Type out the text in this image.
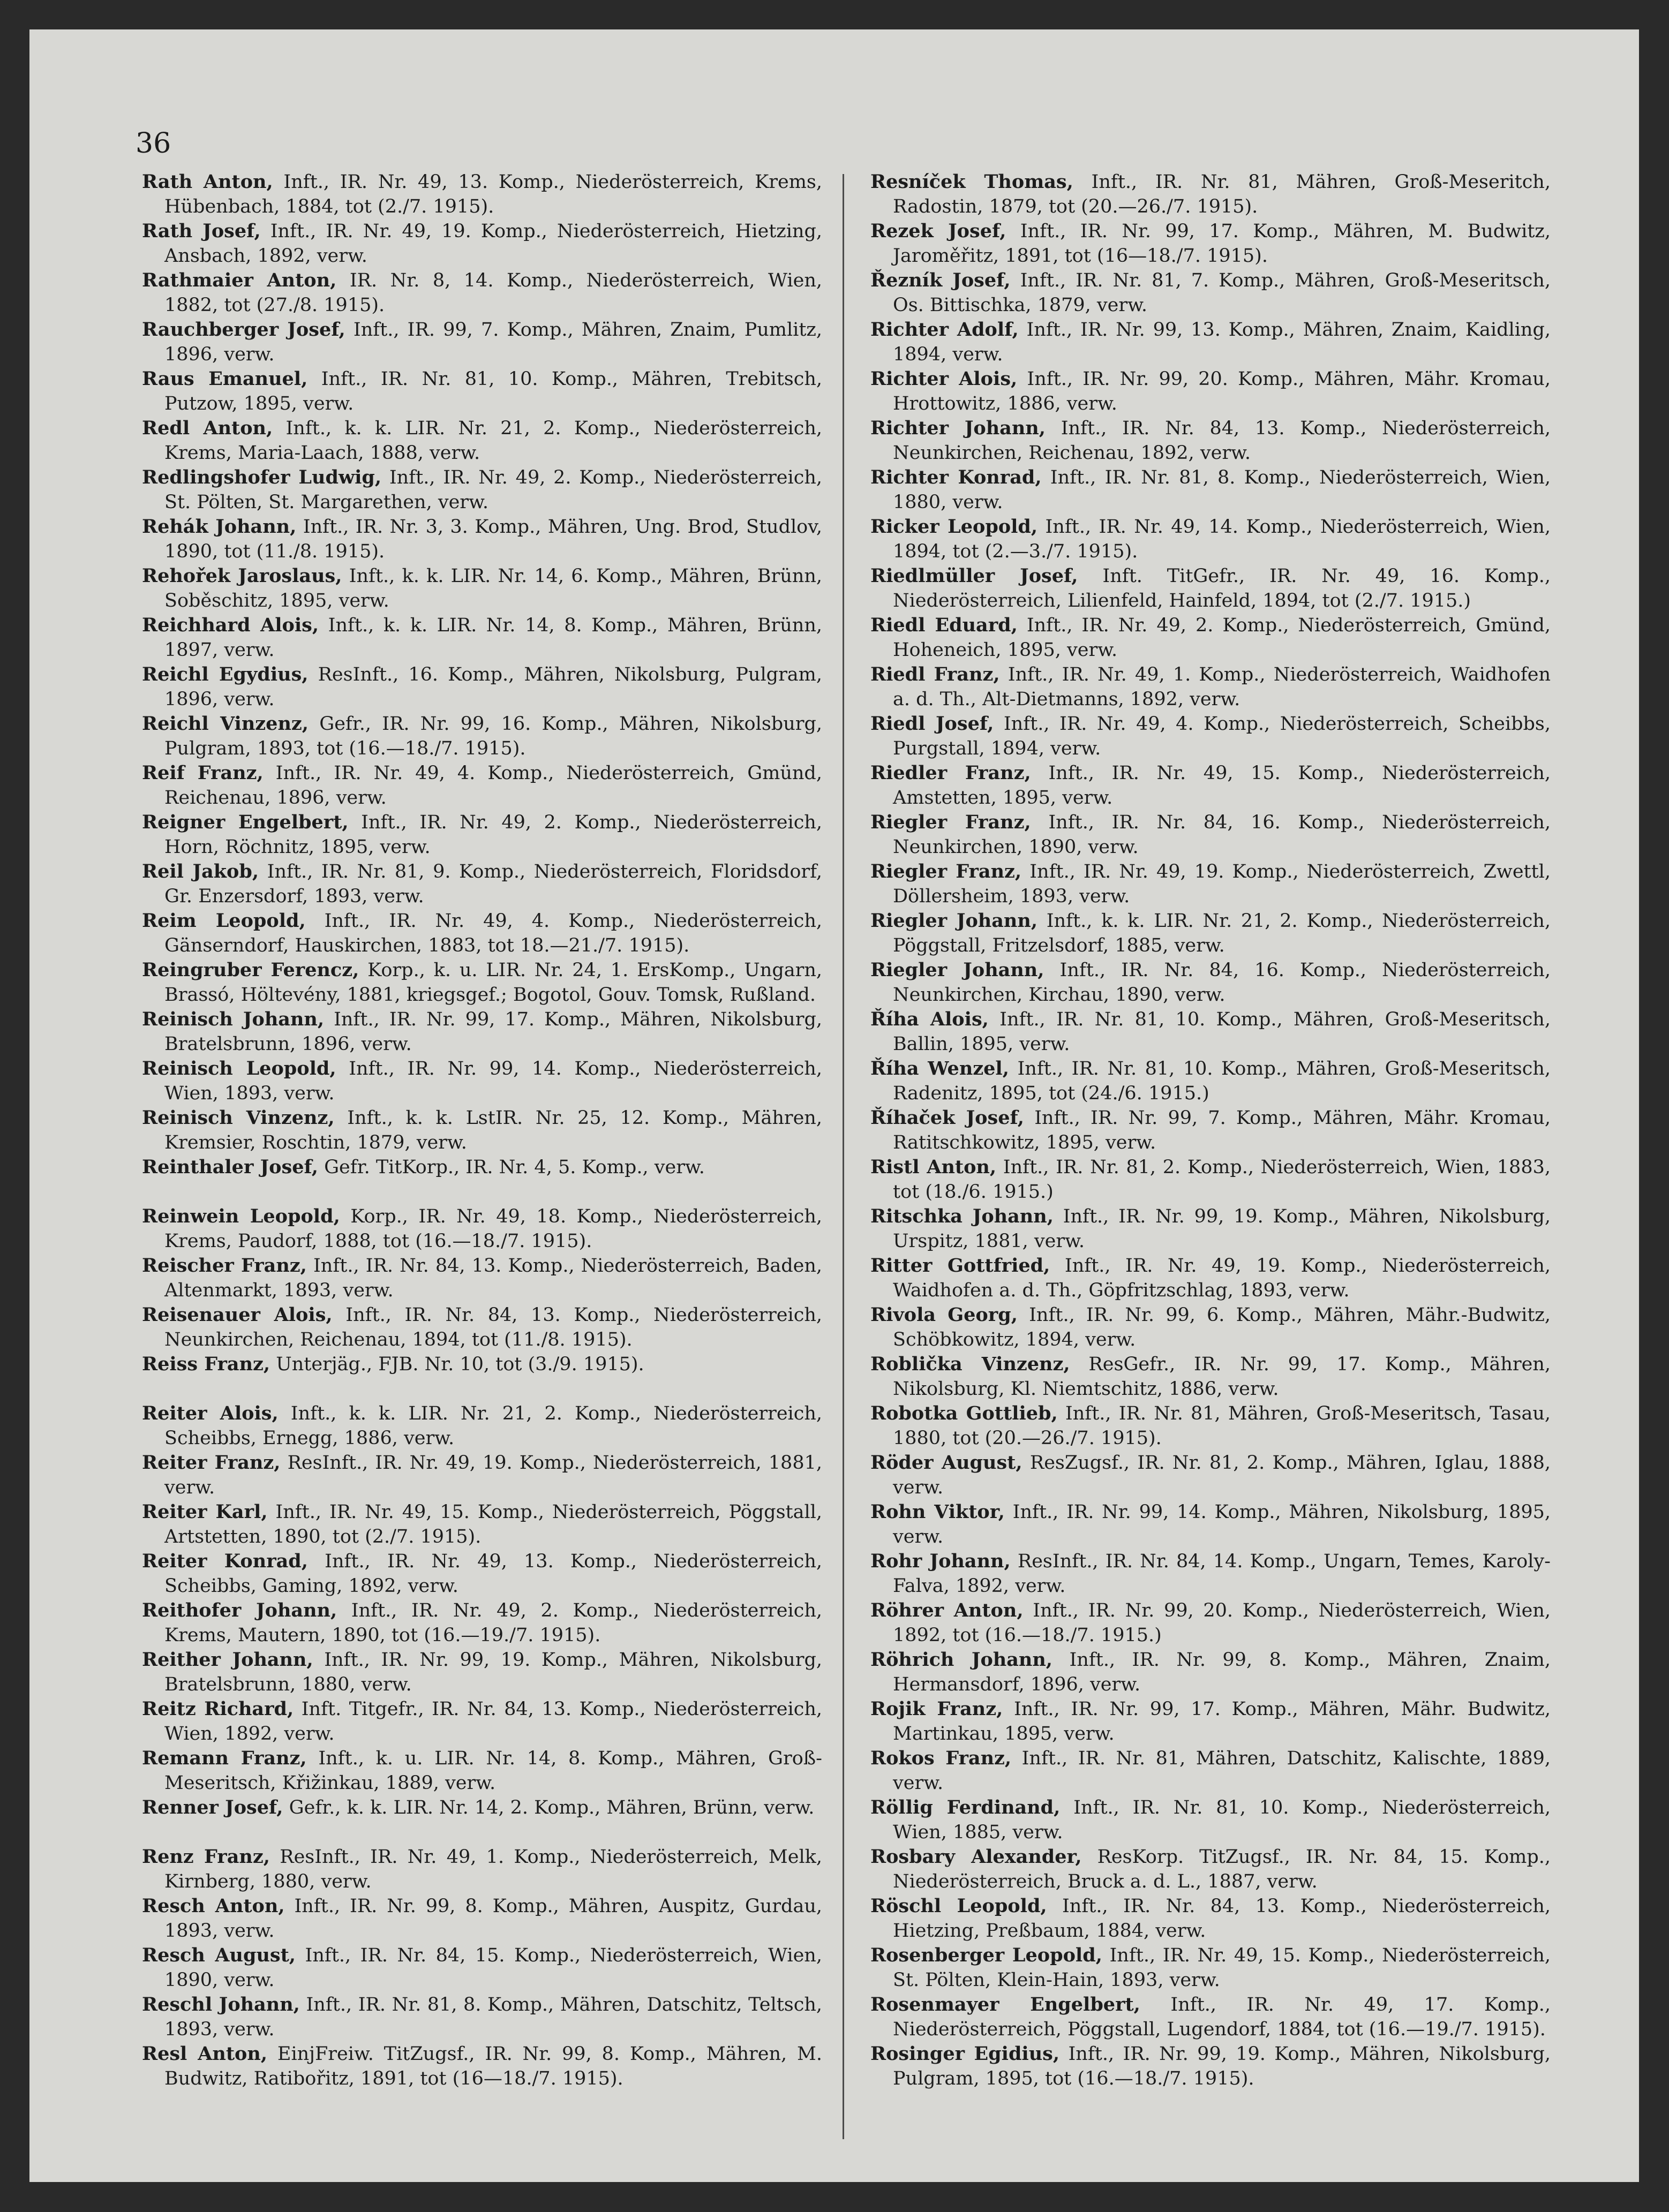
36

Rath Anton, Inft., IR. Nr. 49, 13. Komp., Niederösterreich, Krems, Hübenbach, 1884, tot (2./7. 1915).

Rath Josef, Inft., IR. Nr. 49, 19. Komp., Niederösterreich, Hietzing, Ansbach, 1892, verw.

Rathmaier Anton, IR. Nr. 8, 14. Komp., Niederösterreich, Wien, 1882, tot (27./8. 1915).

Rauchberger Josef, Inft., IR. 99, 7. Komp., Mähren, Znaim, Pumlitz, 1896, verw.

Raus Emanuel, Inft., IR. Nr. 81, 10. Komp., Mähren, Trebitsch, Putzow, 1895, verw.

Redl Anton, Inft., k. k. LIR. Nr. 21, 2. Komp., Niederösterreich, Krems, Maria-Laach, 1888, verw.

Redlingshofer Ludwig, Inft., IR. Nr. 49, 2. Komp., Niederösterreich, St. Pölten, St. Margarethen, verw.

Rehák Johann, Inft., IR. Nr. 3, 3. Komp., Mähren, Ung. Brod, Studlov, 1890, tot (11./8. 1915).

Rehořek Jaroslaus, Inft., k. k. LIR. Nr. 14, 6. Komp., Mähren, Brünn, Soběschitz, 1895, verw.

Reichhard Alois, Inft., k. k. LIR. Nr. 14, 8. Komp., Mähren, Brünn, 1897, verw.

Reichl Egydius, ResInft., 16. Komp., Mähren, Nikolsburg, Pulgram, 1896, verw.

Reichl Vinzenz, Gefr., IR. Nr. 99, 16. Komp., Mähren, Nikolsburg, Pulgram, 1893, tot (16.—18./7. 1915).

Reif Franz, Inft., IR. Nr. 49, 4. Komp., Niederösterreich, Gmünd, Reichenau, 1896, verw.

Reigner Engelbert, Inft., IR. Nr. 49, 2. Komp., Niederösterreich, Horn, Röchnitz, 1895, verw.

Reil Jakob, Inft., IR. Nr. 81, 9. Komp., Niederösterreich, Floridsdorf, Gr. Enzersdorf, 1893, verw.

Reim Leopold, Inft., IR. Nr. 49, 4. Komp., Niederösterreich, Gänserndorf, Hauskirchen, 1883, tot 18.—21./7. 1915).

Reingruber Ferencz, Korp., k. u. LIR. Nr. 24, 1. ErsKomp., Ungarn, Brassó, Höltevény, 1881, kriegsgef.; Bogotol, Gouv. Tomsk, Rußland.

Reinisch Johann, Inft., IR. Nr. 99, 17. Komp., Mähren, Nikolsburg, Bratelsbrunn, 1896, verw.

Reinisch Leopold, Inft., IR. Nr. 99, 14. Komp., Niederösterreich, Wien, 1893, verw.

Reinisch Vinzenz, Inft., k. k. LstIR. Nr. 25, 12. Komp., Mähren, Kremsier, Roschtin, 1879, verw.

Reinthaler Josef, Gefr. TitKorp., IR. Nr. 4, 5. Komp., verw.

Reinwein Leopold, Korp., IR. Nr. 49, 18. Komp., Niederösterreich, Krems, Paudorf, 1888, tot (16.—18./7. 1915).

Reischer Franz, Inft., IR. Nr. 84, 13. Komp., Niederösterreich, Baden, Altenmarkt, 1893, verw.

Reisenauer Alois, Inft., IR. Nr. 84, 13. Komp., Niederösterreich, Neunkirchen, Reichenau, 1894, tot (11./8. 1915).

Reiss Franz, Unterjäg., FJB. Nr. 10, tot (3./9. 1915).

Reiter Alois, Inft., k. k. LIR. Nr. 21, 2. Komp., Niederösterreich, Scheibbs, Ernegg, 1886, verw.

Reiter Franz, ResInft., IR. Nr. 49, 19. Komp., Niederösterreich, 1881, verw.

Reiter Karl, Inft., IR. Nr. 49, 15. Komp., Niederösterreich, Pöggstall, Artstetten, 1890, tot (2./7. 1915).

Reiter Konrad, Inft., IR. Nr. 49, 13. Komp., Niederösterreich, Scheibbs, Gaming, 1892, verw.

Reithofer Johann, Inft., IR. Nr. 49, 2. Komp., Niederösterreich, Krems, Mautern, 1890, tot (16.—19./7. 1915).

Reither Johann, Inft., IR. Nr. 99, 19. Komp., Mähren, Nikolsburg, Bratelsbrunn, 1880, verw.

Reitz Richard, Inft. Titgefr., IR. Nr. 84, 13. Komp., Niederösterreich, Wien, 1892, verw.

Remann Franz, Inft., k. u. LIR. Nr. 14, 8. Komp., Mähren, Groß-Meseritsch, Křižinkau, 1889, verw.

Renner Josef, Gefr., k. k. LIR. Nr. 14, 2. Komp., Mähren, Brünn, verw.

Renz Franz, ResInft., IR. Nr. 49, 1. Komp., Niederösterreich, Melk, Kirnberg, 1880, verw.

Resch Anton, Inft., IR. Nr. 99, 8. Komp., Mähren, Auspitz, Gurdau, 1893, verw.

Resch August, Inft., IR. Nr. 84, 15. Komp., Niederösterreich, Wien, 1890, verw.

Reschl Johann, Inft., IR. Nr. 81, 8. Komp., Mähren, Datschitz, Teltsch, 1893, verw.

Resl Anton, EinjFreiw. TitZugsf., IR. Nr. 99, 8. Komp., Mähren, M. Budwitz, Ratibořitz, 1891, tot (16—18./7. 1915).

Resníček Thomas, Inft., IR. Nr. 81, Mähren, Groß-Meseritch, Radostin, 1879, tot (20.—26./7. 1915).

Rezek Josef, Inft., IR. Nr. 99, 17. Komp., Mähren, M. Budwitz, Jaroměřitz, 1891, tot (16—18./7. 1915).

Řezník Josef, Inft., IR. Nr. 81, 7. Komp., Mähren, Groß-Meseritsch, Os. Bittischka, 1879, verw.

Richter Adolf, Inft., IR. Nr. 99, 13. Komp., Mähren, Znaim, Kaidling, 1894, verw.

Richter Alois, Inft., IR. Nr. 99, 20. Komp., Mähren, Mähr. Kromau, Hrottowitz, 1886, verw.

Richter Johann, Inft., IR. Nr. 84, 13. Komp., Niederösterreich, Neunkirchen, Reichenau, 1892, verw.

Richter Konrad, Inft., IR. Nr. 81, 8. Komp., Niederösterreich, Wien, 1880, verw.

Ricker Leopold, Inft., IR. Nr. 49, 14. Komp., Niederösterreich, Wien, 1894, tot (2.—3./7. 1915).

Riedlmüller Josef, Inft. TitGefr., IR. Nr. 49, 16. Komp., Niederösterreich, Lilienfeld, Hainfeld, 1894, tot (2./7. 1915.)

Riedl Eduard, Inft., IR. Nr. 49, 2. Komp., Niederösterreich, Gmünd, Hoheneich, 1895, verw.

Riedl Franz, Inft., IR. Nr. 49, 1. Komp., Niederösterreich, Waidhofen a. d. Th., Alt-Dietmanns, 1892, verw.

Riedl Josef, Inft., IR. Nr. 49, 4. Komp., Niederösterreich, Scheibbs, Purgstall, 1894, verw.

Riedler Franz, Inft., IR. Nr. 49, 15. Komp., Niederösterreich, Amstetten, 1895, verw.

Riegler Franz, Inft., IR. Nr. 84, 16. Komp., Niederösterreich, Neunkirchen, 1890, verw.

Riegler Franz, Inft., IR. Nr. 49, 19. Komp., Niederösterreich, Zwettl, Döllersheim, 1893, verw.

Riegler Johann, Inft., k. k. LIR. Nr. 21, 2. Komp., Niederösterreich, Pöggstall, Fritzelsdorf, 1885, verw.

Riegler Johann, Inft., IR. Nr. 84, 16. Komp., Niederösterreich, Neunkirchen, Kirchau, 1890, verw.

Říha Alois, Inft., IR. Nr. 81, 10. Komp., Mähren, Groß-Meseritsch, Ballin, 1895, verw.

Říha Wenzel, Inft., IR. Nr. 81, 10. Komp., Mähren, Groß-Meseritsch, Radenitz, 1895, tot (24./6. 1915.)

Říhaček Josef, Inft., IR. Nr. 99, 7. Komp., Mähren, Mähr. Kromau, Ratitschkowitz, 1895, verw.

Ristl Anton, Inft., IR. Nr. 81, 2. Komp., Niederösterreich, Wien, 1883, tot (18./6. 1915.)

Ritschka Johann, Inft., IR. Nr. 99, 19. Komp., Mähren, Nikolsburg, Urspitz, 1881, verw.

Ritter Gottfried, Inft., IR. Nr. 49, 19. Komp., Niederösterreich, Waidhofen a. d. Th., Göpfritzschlag, 1893, verw.

Rivola Georg, Inft., IR. Nr. 99, 6. Komp., Mähren, Mähr.-Budwitz, Schöbkowitz, 1894, verw.

Roblička Vinzenz, ResGefr., IR. Nr. 99, 17. Komp., Mähren, Nikolsburg, Kl. Niemtschitz, 1886, verw.

Robotka Gottlieb, Inft., IR. Nr. 81, Mähren, Groß-Meseritsch, Tasau, 1880, tot (20.—26./7. 1915).

Röder August, ResZugsf., IR. Nr. 81, 2. Komp., Mähren, Iglau, 1888, verw.

Rohn Viktor, Inft., IR. Nr. 99, 14. Komp., Mähren, Nikolsburg, 1895, verw.

Rohr Johann, ResInft., IR. Nr. 84, 14. Komp., Ungarn, Temes, Karoly-Falva, 1892, verw.

Röhrer Anton, Inft., IR. Nr. 99, 20. Komp., Niederösterreich, Wien, 1892, tot (16.—18./7. 1915.)

Röhrich Johann, Inft., IR. Nr. 99, 8. Komp., Mähren, Znaim, Hermansdorf, 1896, verw.

Rojik Franz, Inft., IR. Nr. 99, 17. Komp., Mähren, Mähr. Budwitz, Martinkau, 1895, verw.

Rokos Franz, Inft., IR. Nr. 81, Mähren, Datschitz, Kalischte, 1889, verw.

Röllig Ferdinand, Inft., IR. Nr. 81, 10. Komp., Niederösterreich, Wien, 1885, verw.

Rosbary Alexander, ResKorp. TitZugsf., IR. Nr. 84, 15. Komp., Niederösterreich, Bruck a. d. L., 1887, verw.

Röschl Leopold, Inft., IR. Nr. 84, 13. Komp., Niederösterreich, Hietzing, Preßbaum, 1884, verw.

Rosenberger Leopold, Inft., IR. Nr. 49, 15. Komp., Niederösterreich, St. Pölten, Klein-Hain, 1893, verw.

Rosenmayer Engelbert, Inft., IR. Nr. 49, 17. Komp., Niederösterreich, Pöggstall, Lugendorf, 1884, tot (16.—19./7. 1915).

Rosinger Egidius, Inft., IR. Nr. 99, 19. Komp., Mähren, Nikolsburg, Pulgram, 1895, tot (16.—18./7. 1915).
